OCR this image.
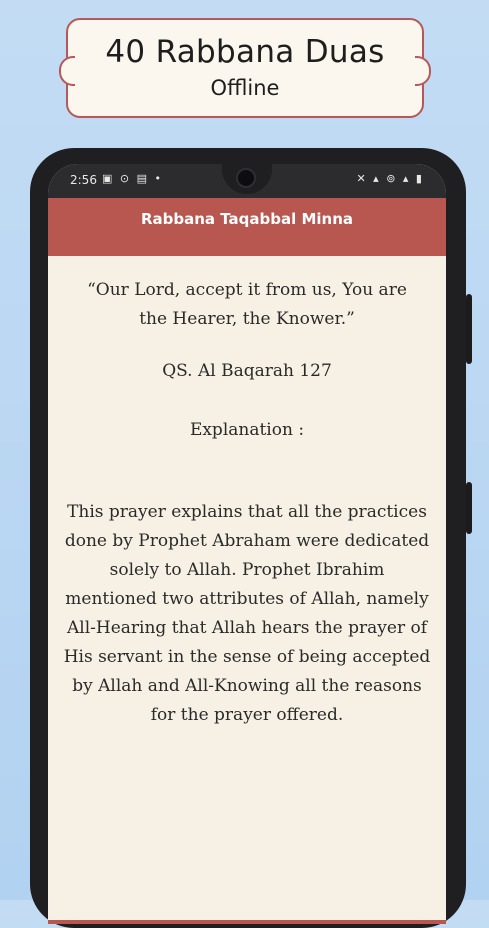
40 Rabbana Duas
Offline
2:56 ▣ ⊙ ▤ •	✕ ▴ ⊚ ▴ ▮
Rabbana Taqabbal Minna
“Our Lord, accept it from us, You are the Hearer, the Knower.”
QS. Al Baqarah 127
Explanation :
This prayer explains that all the practices done by Prophet Abraham were dedicated solely to Allah. Prophet Ibrahim mentioned two attributes of Allah, namely All-Hearing that Allah hears the prayer of His servant in the sense of being accepted by Allah and All-Knowing all the reasons for the prayer offered.
